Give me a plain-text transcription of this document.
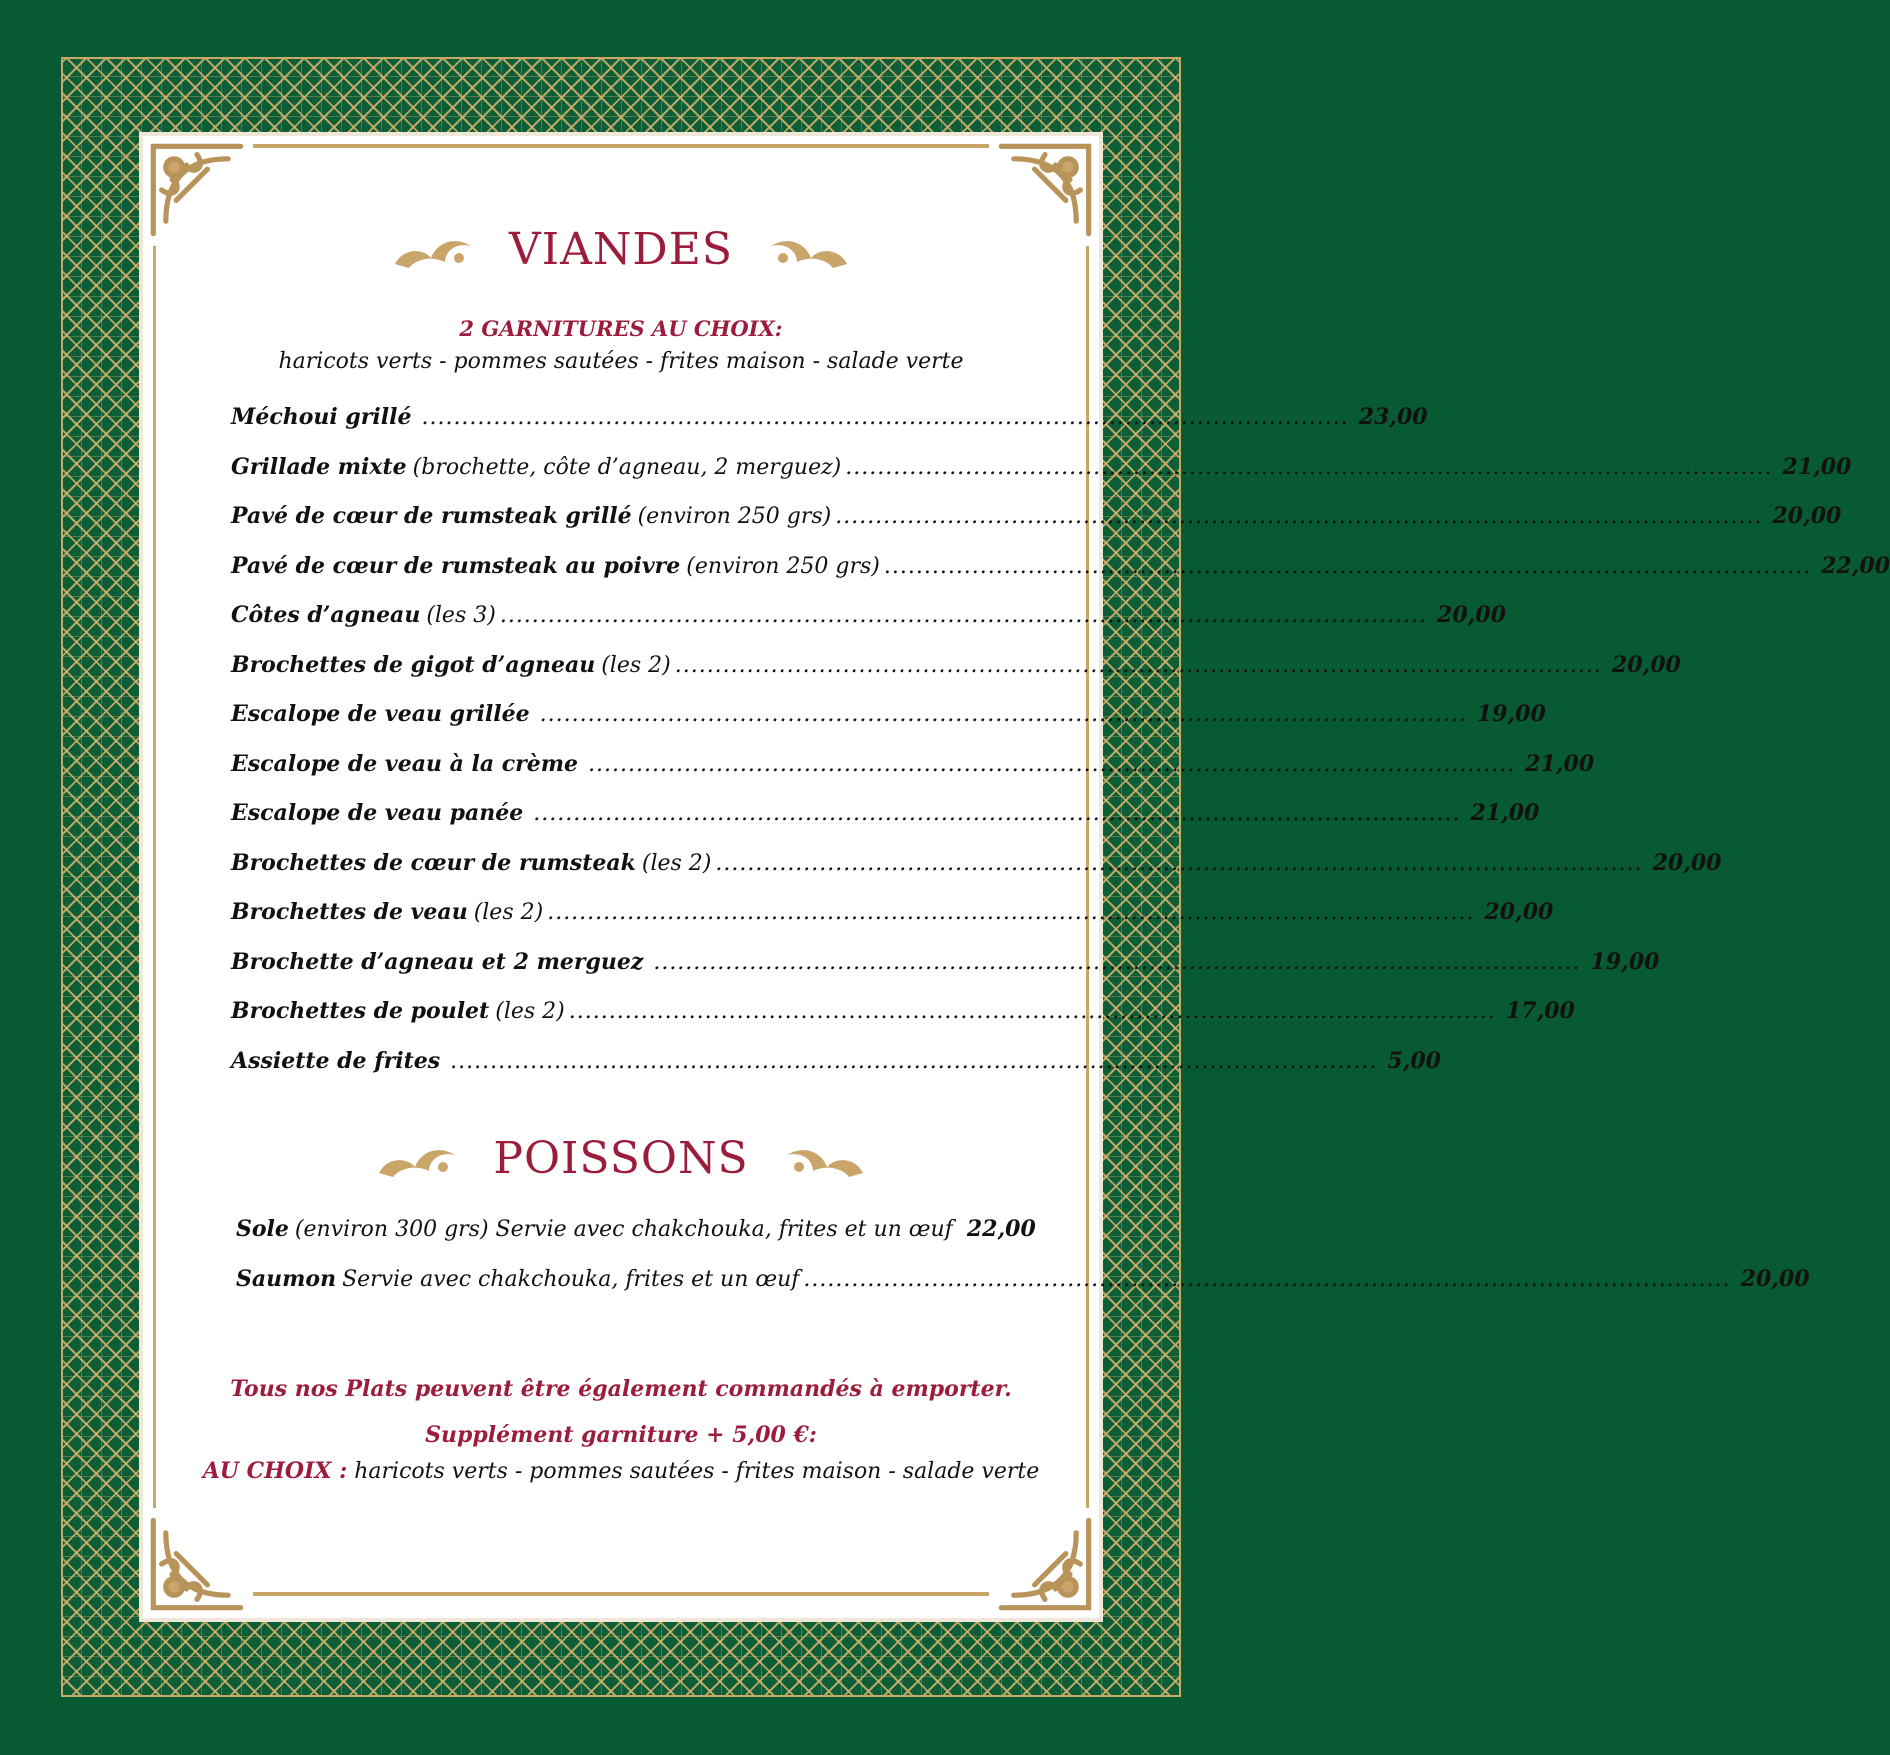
VIANDES
2 GARNITURES AU CHOIX:
haricots verts - pommes sautées - frites maison - salade verte
Méchoui grillé .................................................................................................................... 23,00
Grillade mixte (brochette, côte d’agneau, 2 merguez) .................................................................................................................... 21,00
Pavé de cœur de rumsteak grillé (environ 250 grs) .................................................................................................................... 20,00
Pavé de cœur de rumsteak au poivre (environ 250 grs) .................................................................................................................... 22,00
Côtes d’agneau (les 3) .................................................................................................................... 20,00
Brochettes de gigot d’agneau (les 2) .................................................................................................................... 20,00
Escalope de veau grillée .................................................................................................................... 19,00
Escalope de veau à la crème .................................................................................................................... 21,00
Escalope de veau panée .................................................................................................................... 21,00
Brochettes de cœur de rumsteak (les 2) .................................................................................................................... 20,00
Brochettes de veau (les 2) .................................................................................................................... 20,00
Brochette d’agneau et 2 merguez .................................................................................................................... 19,00
Brochettes de poulet (les 2) .................................................................................................................... 17,00
Assiette de frites .................................................................................................................... 5,00
POISSONS
Sole (environ 300 grs) Servie avec chakchouka, frites et un œuf 22,00
Saumon Servie avec chakchouka, frites et un œuf .................................................................................................................... 20,00
Tous nos Plats peuvent être également commandés à emporter.
Supplément garniture + 5,00 €:
AU CHOIX : haricots verts - pommes sautées - frites maison - salade verte
